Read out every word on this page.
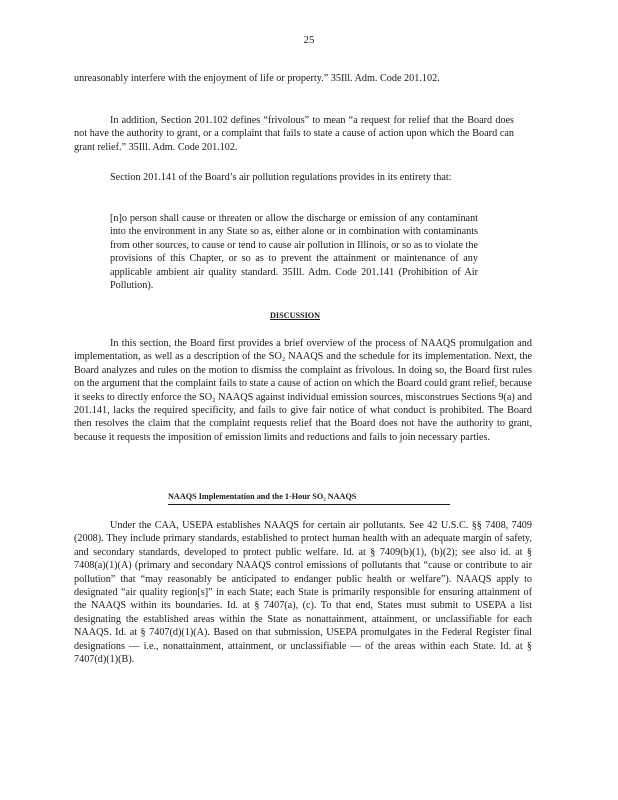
25

unreasonably interfere with the enjoyment of life or property.” 35Ill. Adm. Code 201.102.

In addition, Section 201.102 defines “frivolous” to mean “a request for relief that the Board does not have the authority to grant, or a complaint that fails to state a cause of action upon which the Board can grant relief.” 35Ill. Adm. Code 201.102.

Section 201.141 of the Board’s air pollution regulations provides in its entirety that:

[n]o person shall cause or threaten or allow the discharge or emission of any contaminant into the environment in any State so as, either alone or in combination with contaminants from other sources, to cause or tend to cause air pollution in Illinois, or so as to violate the provisions of this Chapter, or so as to prevent the attainment or maintenance of any applicable ambient air quality standard. 35Ill. Adm. Code 201.141 (Prohibition of Air Pollution).

DISCUSSION

In this section, the Board first provides a brief overview of the process of NAAQS promulgation and implementation, as well as a description of the SO₂ NAAQS and the schedule for its implementation. Next, the Board analyzes and rules on the motion to dismiss the complaint as frivolous. In doing so, the Board first rules on the argument that the complaint fails to state a cause of action on which the Board could grant relief, because it seeks to directly enforce the SO₂ NAAQS against individual emission sources, misconstrues Sections 9(a) and 201.141, lacks the required specificity, and fails to give fair notice of what conduct is prohibited. The Board then resolves the claim that the complaint requests relief that the Board does not have the authority to grant, because it requests the imposition of emission limits and reductions and fails to join necessary parties.

NAAQS Implementation and the 1-Hour SO₂ NAAQS

Under the CAA, USEPA establishes NAAQS for certain air pollutants. See 42 U.S.C. §§ 7408, 7409 (2008). They include primary standards, established to protect human health with an adequate margin of safety, and secondary standards, developed to protect public welfare. Id. at § 7409(b)(1), (b)(2); see also id. at § 7408(a)(1)(A) (primary and secondary NAAQS control emissions of pollutants that “cause or contribute to air pollution” that “may reasonably be anticipated to endanger public health or welfare”). NAAQS apply to designated “air quality region[s]” in each State; each State is primarily responsible for ensuring attainment of the NAAQS within its boundaries. Id. at § 7407(a), (c). To that end, States must submit to USEPA a list designating the established areas within the State as nonattainment, attainment, or unclassifiable for each NAAQS. Id. at § 7407(d)(1)(A). Based on that submission, USEPA promulgates in the Federal Register final designations — i.e., nonattainment, attainment, or unclassifiable — of the areas within each State. Id. at § 7407(d)(1)(B).
